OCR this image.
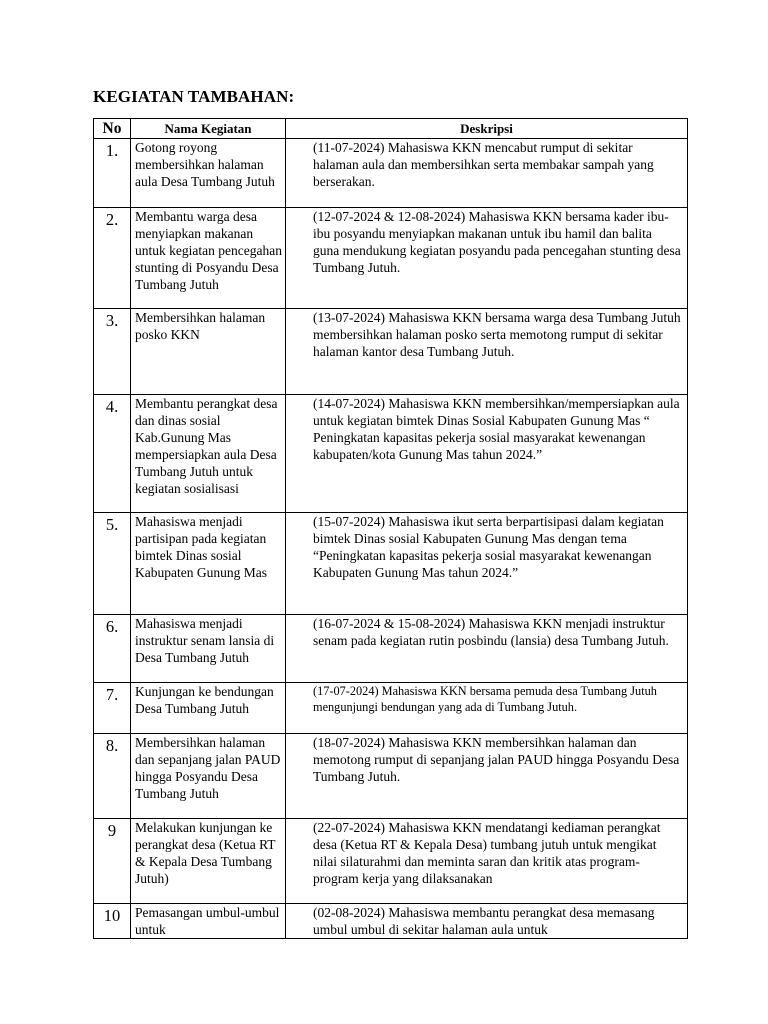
KEGIATAN TAMBAHAN:
No	Nama Kegiatan	Deskripsi
1.	Gotong royong membersihkan halaman aula Desa Tumbang Jutuh	(11-07-2024) Mahasiswa KKN mencabut rumput di sekitar halaman aula dan membersihkan serta membakar sampah yang berserakan.
2.	Membantu warga desa menyiapkan makanan untuk kegiatan pencegahan stunting di Posyandu Desa Tumbang Jutuh	(12-07-2024 & 12-08-2024) Mahasiswa KKN bersama kader ibu-ibu posyandu menyiapkan makanan untuk ibu hamil dan balita guna mendukung kegiatan posyandu pada pencegahan stunting desa Tumbang Jutuh.
3.	Membersihkan halaman posko KKN	(13-07-2024) Mahasiswa KKN bersama warga desa Tumbang Jutuh membersihkan halaman posko serta memotong rumput di sekitar halaman kantor desa Tumbang Jutuh.
4.	Membantu perangkat desa dan dinas sosial Kab.Gunung Mas mempersiapkan aula Desa Tumbang Jutuh untuk kegiatan sosialisasi	(14-07-2024) Mahasiswa KKN membersihkan/mempersiapkan aula untuk kegiatan bimtek Dinas Sosial Kabupaten Gunung Mas “ Peningkatan kapasitas pekerja sosial masyarakat kewenangan kabupaten/kota Gunung Mas tahun 2024.”
5.	Mahasiswa menjadi partisipan pada kegiatan bimtek Dinas sosial Kabupaten Gunung Mas	(15-07-2024) Mahasiswa ikut serta berpartisipasi dalam kegiatan bimtek Dinas sosial Kabupaten Gunung Mas dengan tema “Peningkatan kapasitas pekerja sosial masyarakat kewenangan Kabupaten Gunung Mas tahun 2024.”
6.	Mahasiswa menjadi instruktur senam lansia di Desa Tumbang Jutuh	(16-07-2024 & 15-08-2024) Mahasiswa KKN menjadi instruktur senam pada kegiatan rutin posbindu (lansia) desa Tumbang Jutuh.
7.	Kunjungan ke bendungan Desa Tumbang Jutuh	(17-07-2024) Mahasiswa KKN bersama pemuda desa Tumbang Jutuh mengunjungi bendungan yang ada di Tumbang Jutuh.
8.	Membersihkan halaman dan sepanjang jalan PAUD hingga Posyandu Desa Tumbang Jutuh	(18-07-2024) Mahasiswa KKN membersihkan halaman dan memotong rumput di sepanjang jalan PAUD hingga Posyandu Desa Tumbang Jutuh.
9	Melakukan kunjungan ke perangkat desa (Ketua RT & Kepala Desa Tumbang Jutuh)	(22-07-2024) Mahasiswa KKN mendatangi kediaman perangkat desa (Ketua RT & Kepala Desa) tumbang jutuh untuk mengikat nilai silaturahmi dan meminta saran dan kritik atas program-program kerja yang dilaksanakan
10	Pemasangan umbul-umbul untuk	(02-08-2024) Mahasiswa membantu perangkat desa memasang umbul umbul di sekitar halaman aula untuk
